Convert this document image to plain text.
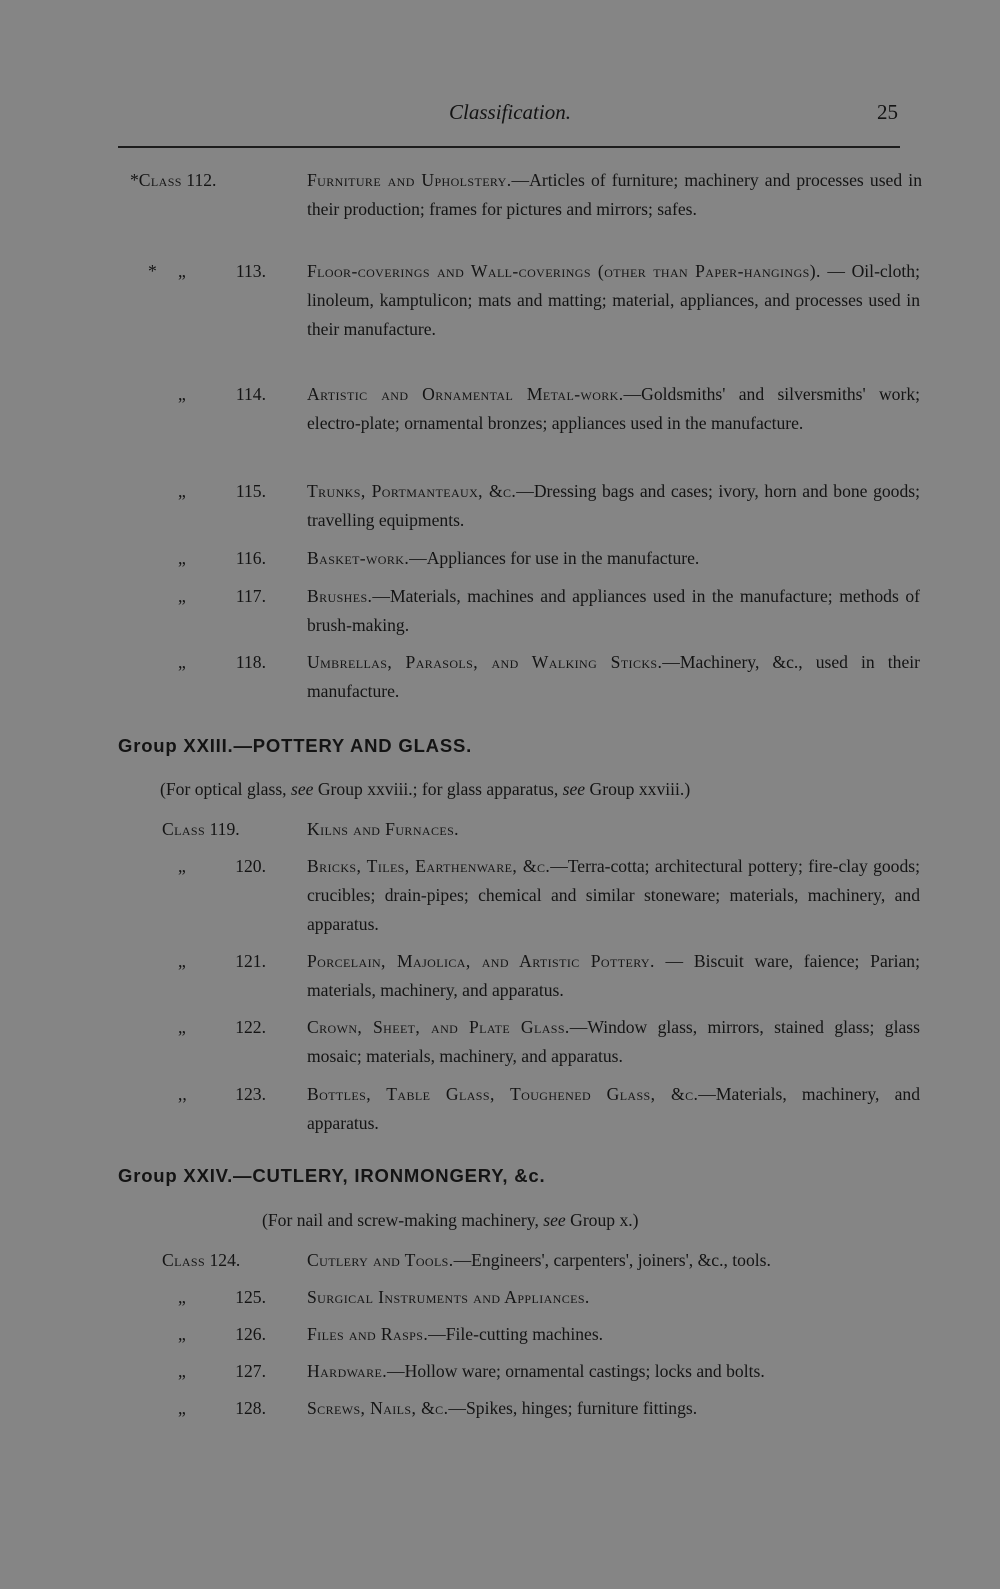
Classification.	25
*Class 112.	Furniture and Upholstery.—Articles of furniture; machinery and processes used in their production; frames for pictures and mirrors; safes.
* „	113.	Floor-coverings and Wall-coverings (other than Paper-hangings). — Oil-cloth; linoleum, kamptulicon; mats and matting; material, appliances, and processes used in their manufacture.
„	114.	Artistic and Ornamental Metal-work.—Goldsmiths' and silversmiths' work; electro-plate; ornamental bronzes; appliances used in the manufacture.
„	115.	Trunks, Portmanteaux, &c.—Dressing bags and cases; ivory, horn and bone goods; travelling equipments.
„	116.	Basket-work.—Appliances for use in the manufacture.
„	117.	Brushes.—Materials, machines and appliances used in the manufacture; methods of brush-making.
„	118.	Umbrellas, Parasols, and Walking Sticks.—Machinery, &c., used in their manufacture.
Group XXIII.—POTTERY AND GLASS.
(For optical glass, see Group xxviii.; for glass apparatus, see Group xxviii.)
Class 119.	Kilns and Furnaces.
„	120.	Bricks, Tiles, Earthenware, &c.—Terra-cotta; architectural pottery; fire-clay goods; crucibles; drain-pipes; chemical and similar stoneware; materials, machinery, and apparatus.
„	121.	Porcelain, Majolica, and Artistic Pottery. — Biscuit ware, faience; Parian; materials, machinery, and apparatus.
„	122.	Crown, Sheet, and Plate Glass.—Window glass, mirrors, stained glass; glass mosaic; materials, machinery, and apparatus.
,,	123.	Bottles, Table Glass, Toughened Glass, &c.—Materials, machinery, and apparatus.
Group XXIV.—CUTLERY, IRONMONGERY, &c.
(For nail and screw-making machinery, see Group x.)
Class 124.	Cutlery and Tools.—Engineers', carpenters', joiners', &c., tools.
„	125.	Surgical Instruments and Appliances.
„	126.	Files and Rasps.—File-cutting machines.
„	127.	Hardware.—Hollow ware; ornamental castings; locks and bolts.
„	128.	Screws, Nails, &c.—Spikes, hinges; furniture fittings.
